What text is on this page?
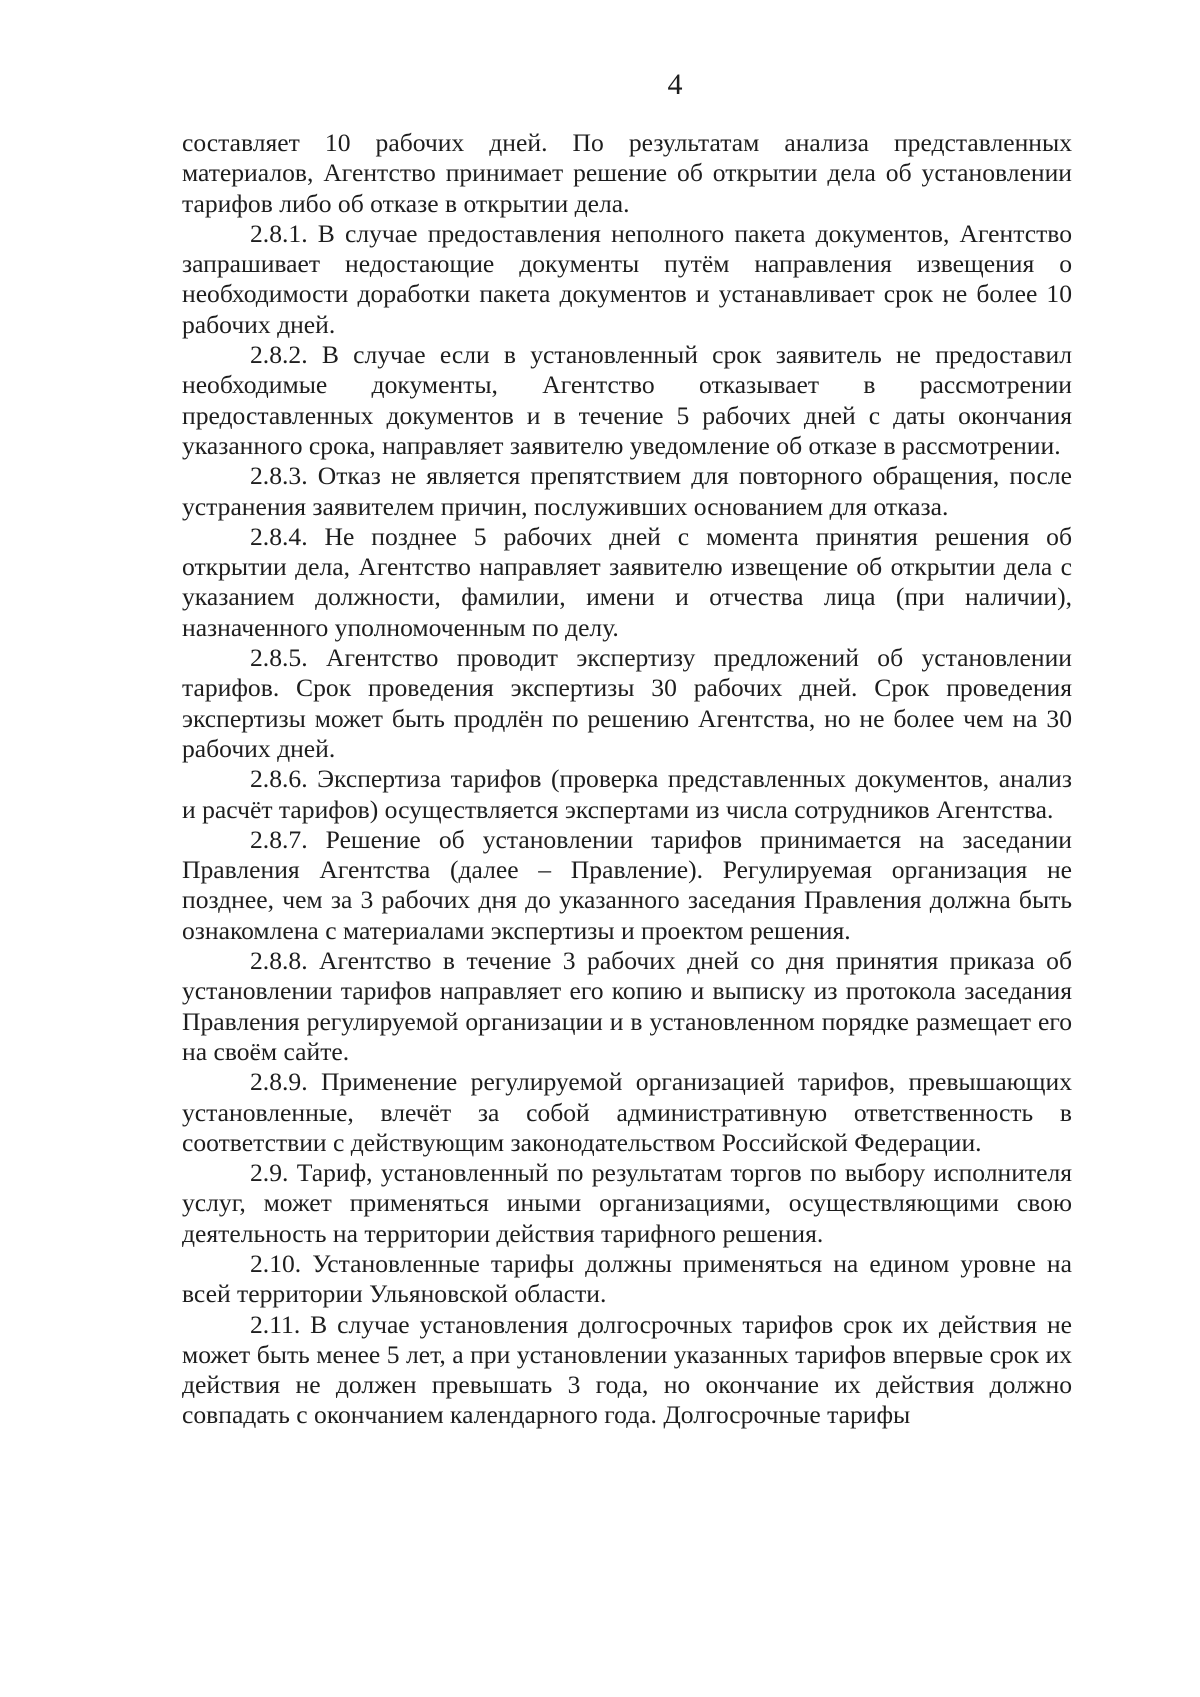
4

составляет 10 рабочих дней. По результатам анализа представленных материалов, Агентство принимает решение об открытии дела об установлении тарифов либо об отказе в открытии дела.

2.8.1. В случае предоставления неполного пакета документов, Агентство запрашивает недостающие документы путём направления извещения о необходимости доработки пакета документов и устанавливает срок не более 10 рабочих дней.

2.8.2. В случае если в установленный срок заявитель не предоставил необходимые документы, Агентство отказывает в рассмотрении предоставленных документов и в течение 5 рабочих дней с даты окончания указанного срока, направляет заявителю уведомление об отказе в рассмотрении.

2.8.3. Отказ не является препятствием для повторного обращения, после устранения заявителем причин, послуживших основанием для отказа.

2.8.4. Не позднее 5 рабочих дней с момента принятия решения об открытии дела, Агентство направляет заявителю извещение об открытии дела с указанием должности, фамилии, имени и отчества лица (при наличии), назначенного уполномоченным по делу.

2.8.5. Агентство проводит экспертизу предложений об установлении тарифов. Срок проведения экспертизы 30 рабочих дней. Срок проведения экспертизы может быть продлён по решению Агентства, но не более чем на 30 рабочих дней.

2.8.6. Экспертиза тарифов (проверка представленных документов, анализ и расчёт тарифов) осуществляется экспертами из числа сотрудников Агентства.

2.8.7. Решение об установлении тарифов принимается на заседании Правления Агентства (далее – Правление). Регулируемая организация не позднее, чем за 3 рабочих дня до указанного заседания Правления должна быть ознакомлена с материалами экспертизы и проектом решения.

2.8.8. Агентство в течение 3 рабочих дней со дня принятия приказа об установлении тарифов направляет его копию и выписку из протокола заседания Правления регулируемой организации и в установленном порядке размещает его на своём сайте.

2.8.9. Применение регулируемой организацией тарифов, превышающих установленные, влечёт за собой административную ответственность в соответствии с действующим законодательством Российской Федерации.

2.9. Тариф, установленный по результатам торгов по выбору исполнителя услуг, может применяться иными организациями, осуществляющими свою деятельность на территории действия тарифного решения.

2.10. Установленные тарифы должны применяться на едином уровне на всей территории Ульяновской области.

2.11. В случае установления долгосрочных тарифов срок их действия не может быть менее 5 лет, а при установлении указанных тарифов впервые срок их действия не должен превышать 3 года, но окончание их действия должно совпадать с окончанием календарного года. Долгосрочные тарифы
